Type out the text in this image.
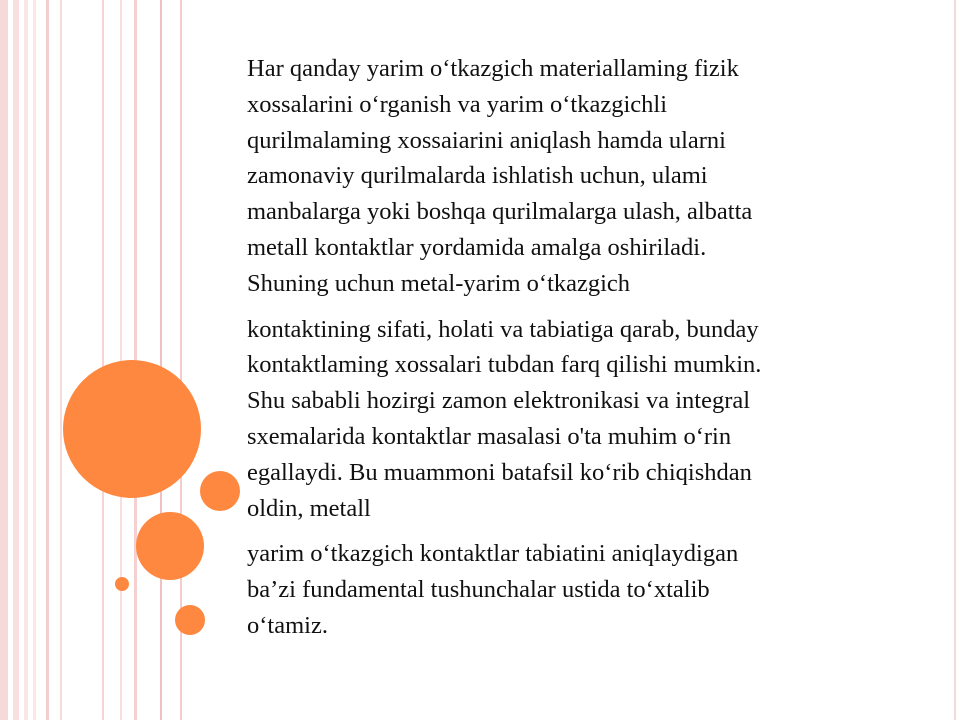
Har qanday yarim o‘tkazgich materiallaming fizik
xossalarini o‘rganish va yarim o‘tkazgichli
qurilmalaming xossaiarini aniqlash hamda ularni
zamonaviy qurilmalarda ishlatish uchun, ulami
manbalarga yoki boshqa qurilmalarga ulash, albatta
metall kontaktlar yordamida amalga oshiriladi.
Shuning uchun metal-yarim o‘tkazgich

kontaktining sifati, holati va tabiatiga qarab, bunday
kontaktlaming xossalari tubdan farq qilishi mumkin.
Shu sababli hozirgi zamon elektronikasi va integral
sxemalarida kontaktlar masalasi o'ta muhim o‘rin
egallaydi. Bu muammoni batafsil ko‘rib chiqishdan
oldin, metall

yarim o‘tkazgich kontaktlar tabiatini aniqlaydigan
ba’zi fundamental tushunchalar ustida to‘xtalib
o‘tamiz.
